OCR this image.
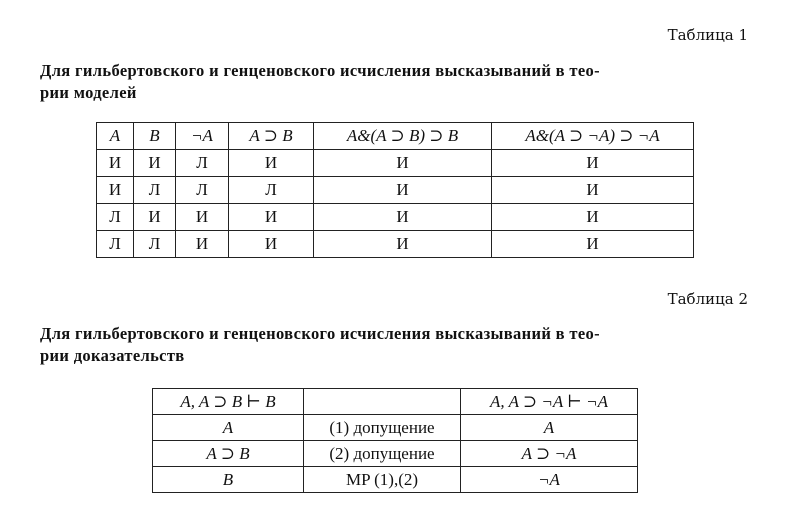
Таблица 1
Для гильбертовского и генценовского исчисления высказываний в тео-
рии моделей
A	B	¬A	A ⊃ B	A&(A ⊃ B) ⊃ B	A&(A ⊃ ¬A) ⊃ ¬A
И	И	Л	И	И	И
И	Л	Л	Л	И	И
Л	И	И	И	И	И
Л	Л	И	И	И	И
Таблица 2
Для гильбертовского и генценовского исчисления высказываний в тео-
рии доказательств
A, A ⊃ B ⊢ B		A, A ⊃ ¬A ⊢ ¬A
A	(1) допущение	A
A ⊃ B	(2) допущение	A ⊃ ¬A
B	MP (1),(2)	¬A
